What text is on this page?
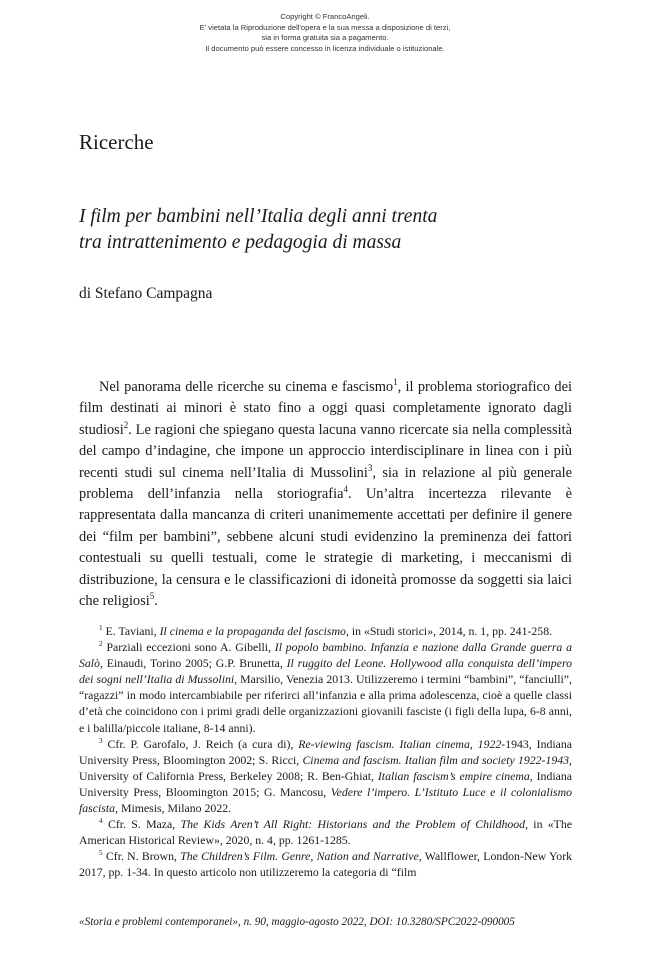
Copyright © FrancoAngeli.
E' vietata la Riproduzione dell'opera e la sua messa a disposizione di terzi,
sia in forma gratuita sia a pagamento.
Il documento può essere concesso in licenza individuale o istituzionale.
Ricerche
I film per bambini nell’Italia degli anni trenta
tra intrattenimento e pedagogia di massa
di Stefano Campagna

Nel panorama delle ricerche su cinema e fascismo$^1$, il problema storiografico dei film destinati ai minori è stato fino a oggi quasi completamente ignorato dagli studiosi$^2$. Le ragioni che spiegano questa lacuna vanno ricercate sia nella complessità del campo d’indagine, che impone un approccio interdisciplinare in linea con i più recenti studi sul cinema nell’Italia di Mussolini$^3$, sia in relazione al più generale problema dell’infanzia nella storiografia$^4$. Un’altra incertezza rilevante è rappresentata dalla mancanza di criteri unanimemente accettati per definire il genere dei “film per bambini”, sebbene alcuni studi evidenzino la preminenza dei fattori contestuali su quelli testuali, come le strategie di marketing, i meccanismi di distribuzione, la censura e le classificazioni di idoneità promosse da soggetti sia laici che religiosi$^5$.

$^1$ E. Taviani, Il cinema e la propaganda del fascismo, in «Studi storici», 2014, n. 1, pp. 241-258.

$^2$ Parziali eccezioni sono A. Gibelli, Il popolo bambino. Infanzia e nazione dalla Grande guerra a Salò, Einaudi, Torino 2005; G.P. Brunetta, Il ruggito del Leone. Hollywood alla conquista dell’impero dei sogni nell’Italia di Mussolini, Marsilio, Venezia 2013. Utilizzeremo i termini “bambini”, “fanciulli”, “ragazzi” in modo intercambiabile per riferirci all’infanzia e alla prima adolescenza, cioè a quelle classi d’età che coincidono con i primi gradi delle organizzazioni giovanili fasciste (i figli della lupa, 6-8 anni, e i balilla/piccole italiane, 8-14 anni).

$^3$ Cfr. P. Garofalo, J. Reich (a cura di), Re-viewing fascism. Italian cinema, 1922-1943, Indiana University Press, Bloomington 2002; S. Ricci, Cinema and fascism. Italian film and society 1922-1943, University of California Press, Berkeley 2008; R. Ben-Ghiat, Italian fascism’s empire cinema, Indiana University Press, Bloomington 2015; G. Mancosu, Vedere l’impero. L’Istituto Luce e il colonialismo fascista, Mimesis, Milano 2022.

$^4$ Cfr. S. Maza, The Kids Aren’t All Right: Historians and the Problem of Childhood, in «The American Historical Review», 2020, n. 4, pp. 1261-1285.

$^5$ Cfr. N. Brown, The Children’s Film. Genre, Nation and Narrative, Wallflower, London-New York 2017, pp. 1-34. In questo articolo non utilizzeremo la categoria di “film

«Storia e problemi contemporanei», n. 90, maggio-agosto 2022, DOI: 10.3280/SPC2022-090005
